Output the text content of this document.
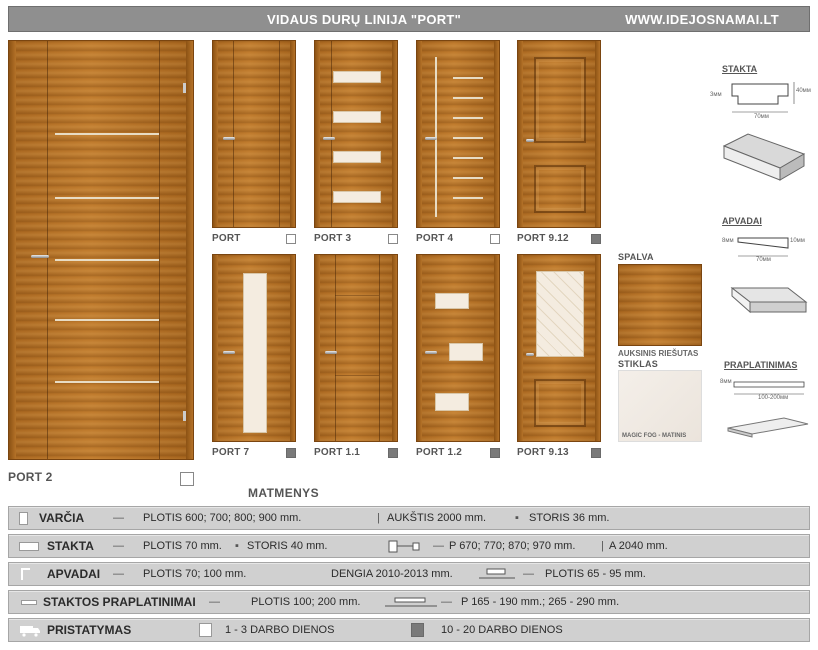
VIDAUS DURŲ LINIJA "PORT"	WWW.IDEJOSNAMAI.LT
PORT 2
PORT	PORT 3	PORT 4	PORT 9.12
PORT 7	PORT 1.1	PORT 1.2	PORT 9.13
STAKTA
3мм
40мм
70мм
APVADAI
8мм	10мм
70мм
SPALVA
AUKSINIS RIEŠUTAS
STIKLAS
MAGIC FOG - MATINIS
PRAPLATINIMAS
8мм
100-200мм
MATMENYS
VARČIA	— PLOTIS 600; 700; 800; 900 mm.	| AUKŠTIS 2000 mm.	▪ STORIS 36 mm.
STAKTA — PLOTIS 70 mm. ▪ STORIS 40 mm.	— P 670; 770; 870; 970 mm. | A 2040 mm.
APVADAI — PLOTIS 70; 100 mm.	DENGIA 2010-2013 mm.	— PLOTIS 65 - 95 mm.
STAKTOS PRAPLATINIMAI —	PLOTIS 100; 200 mm.	— P 165 - 190 mm.; 265 - 290 mm.
PRISTATYMAS	1 - 3 DARBO DIENOS	10 - 20 DARBO DIENOS
